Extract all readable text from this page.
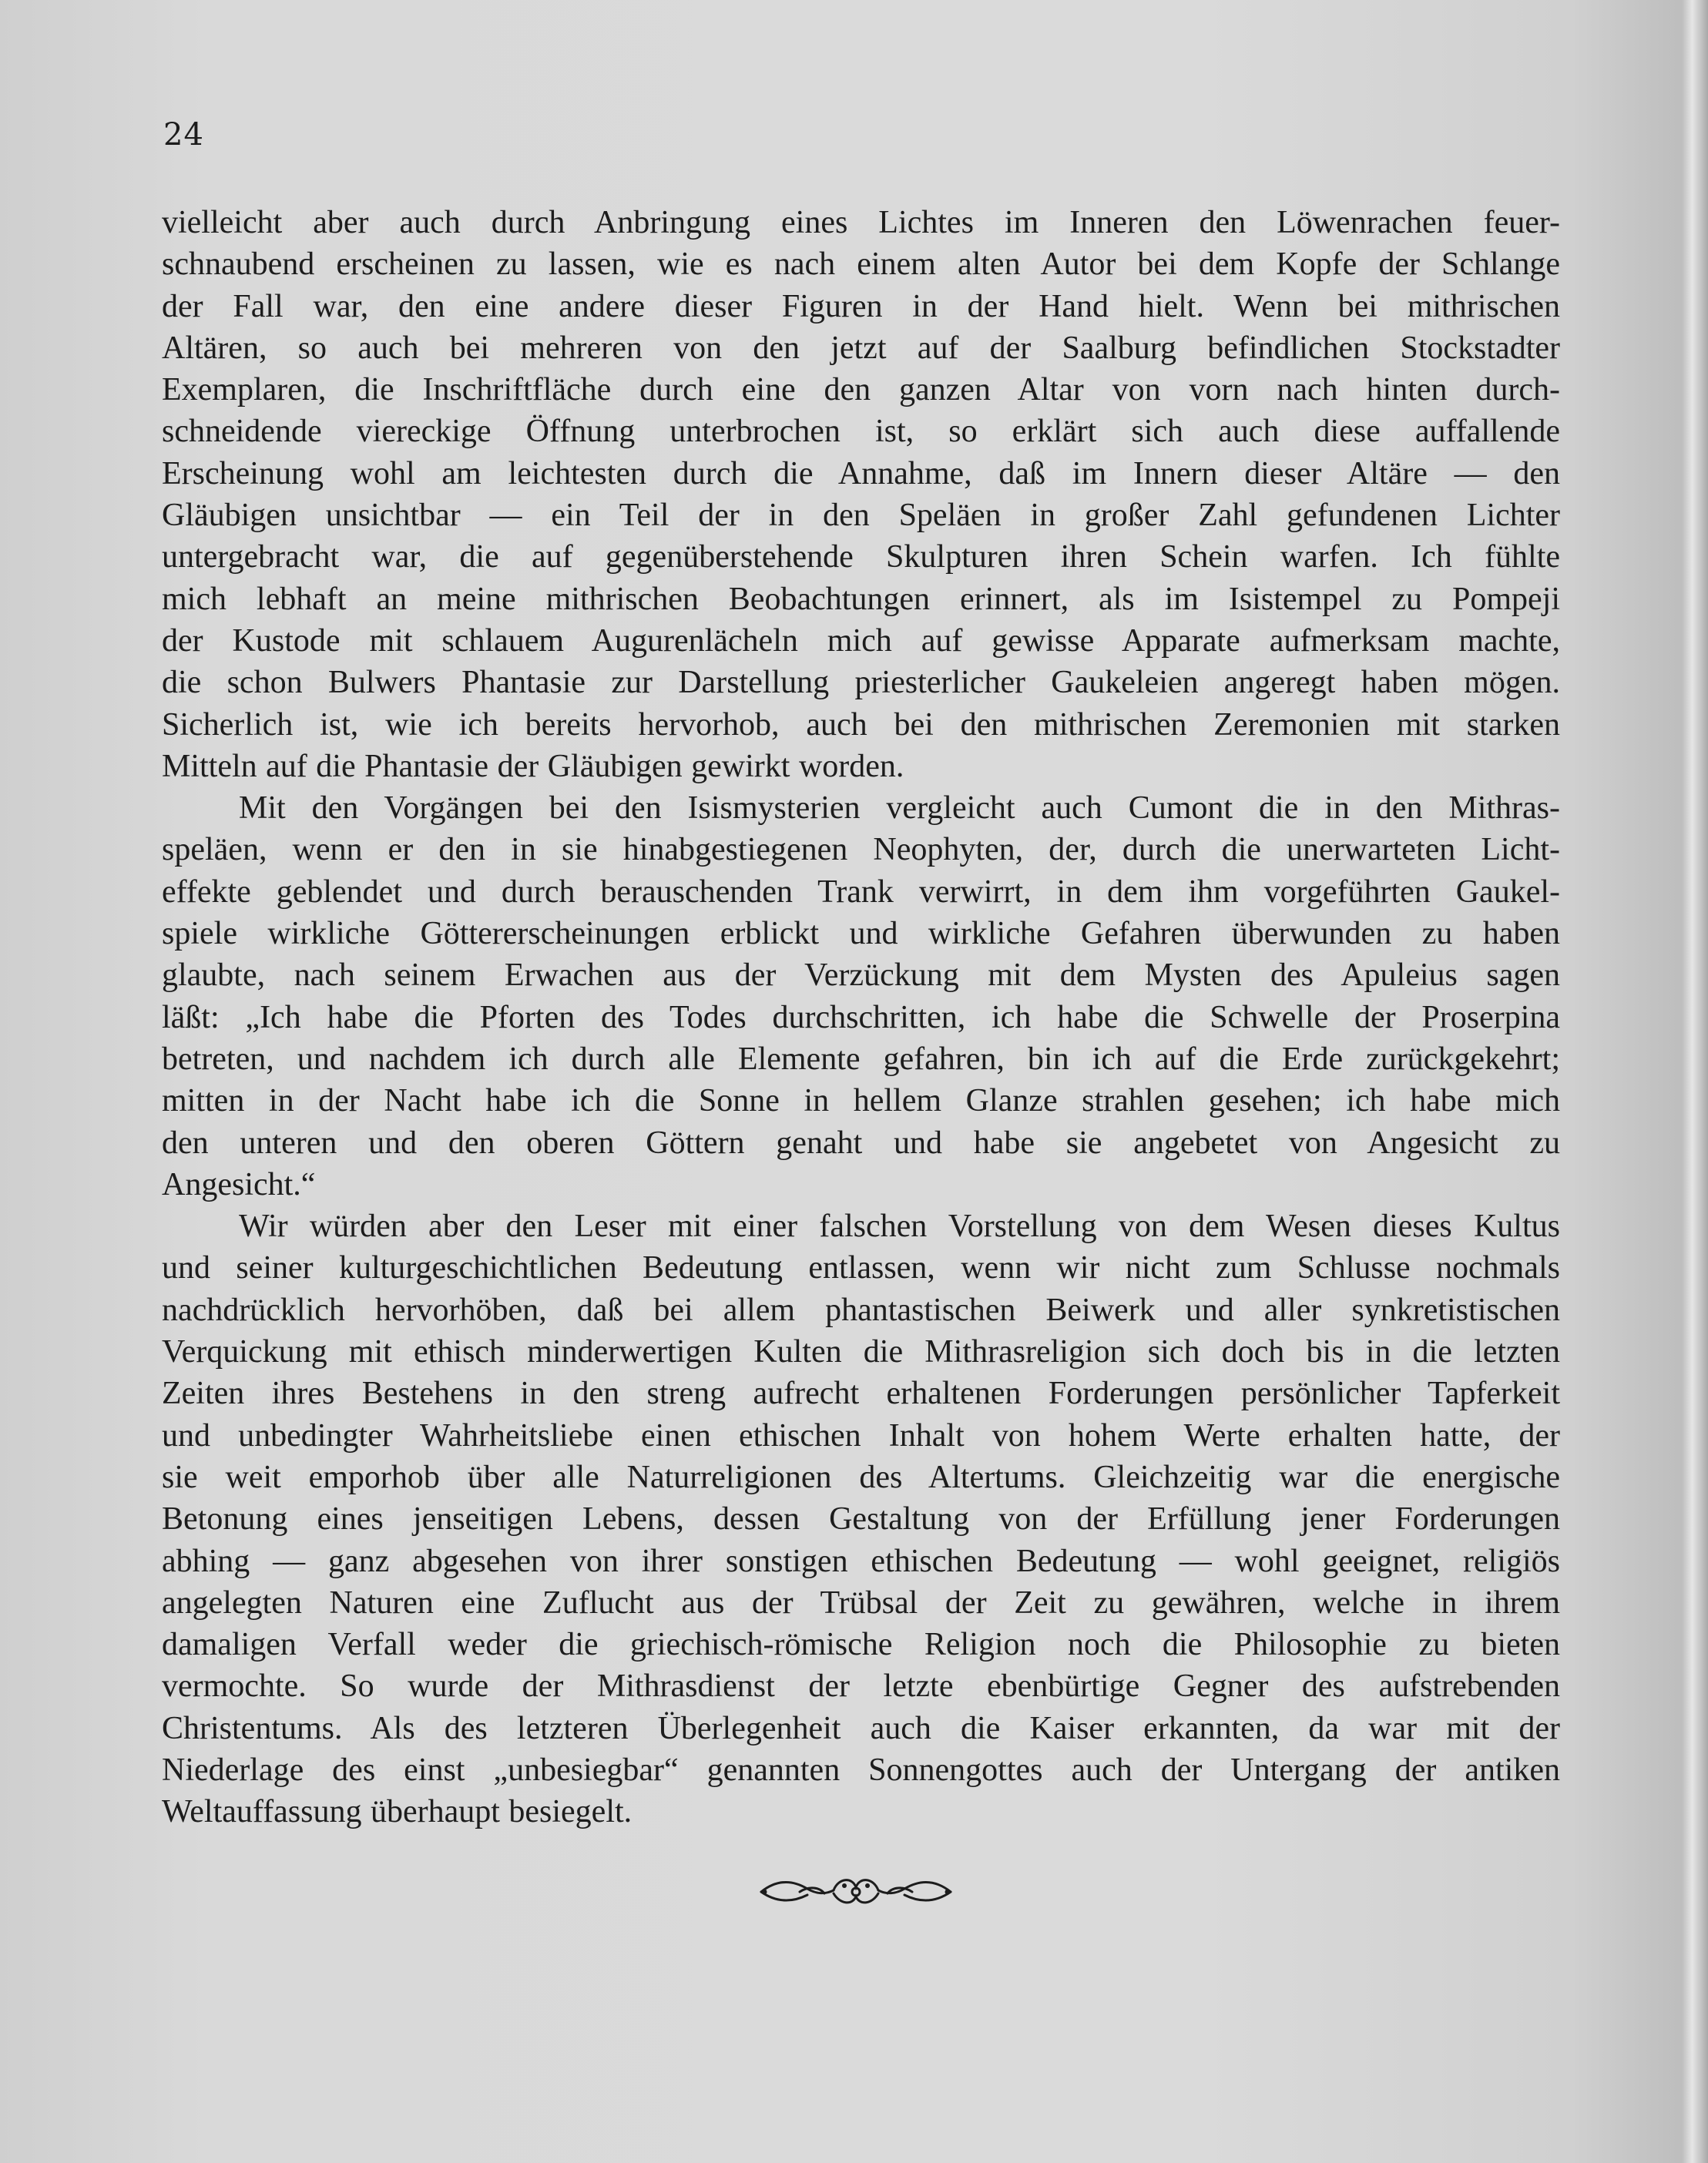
24

vielleicht aber auch durch Anbringung eines Lichtes im Inneren den Löwenrachen feuer-

schnaubend erscheinen zu lassen, wie es nach einem alten Autor bei dem Kopfe der Schlange

der Fall war, den eine andere dieser Figuren in der Hand hielt. Wenn bei mithrischen

Altären, so auch bei mehreren von den jetzt auf der Saalburg befindlichen Stockstadter

Exemplaren, die Inschriftfläche durch eine den ganzen Altar von vorn nach hinten durch-

schneidende viereckige Öffnung unterbrochen ist, so erklärt sich auch diese auffallende

Erscheinung wohl am leichtesten durch die Annahme, daß im Innern dieser Altäre — den

Gläubigen unsichtbar — ein Teil der in den Speläen in großer Zahl gefundenen Lichter

untergebracht war, die auf gegenüberstehende Skulpturen ihren Schein warfen. Ich fühlte

mich lebhaft an meine mithrischen Beobachtungen erinnert, als im Isistempel zu Pompeji

der Kustode mit schlauem Augurenlächeln mich auf gewisse Apparate aufmerksam machte,

die schon Bulwers Phantasie zur Darstellung priesterlicher Gaukeleien angeregt haben mögen.

Sicherlich ist, wie ich bereits hervorhob, auch bei den mithrischen Zeremonien mit starken

Mitteln auf die Phantasie der Gläubigen gewirkt worden.

Mit den Vorgängen bei den Isismysterien vergleicht auch Cumont die in den Mithras-

speläen, wenn er den in sie hinabgestiegenen Neophyten, der, durch die unerwarteten Licht-

effekte geblendet und durch berauschenden Trank verwirrt, in dem ihm vorgeführten Gaukel-

spiele wirkliche Göttererscheinungen erblickt und wirkliche Gefahren überwunden zu haben

glaubte, nach seinem Erwachen aus der Verzückung mit dem Mysten des Apuleius sagen

läßt: „Ich habe die Pforten des Todes durchschritten, ich habe die Schwelle der Proserpina

betreten, und nachdem ich durch alle Elemente gefahren, bin ich auf die Erde zurückgekehrt;

mitten in der Nacht habe ich die Sonne in hellem Glanze strahlen gesehen; ich habe mich

den unteren und den oberen Göttern genaht und habe sie angebetet von Angesicht zu

Angesicht.“

Wir würden aber den Leser mit einer falschen Vorstellung von dem Wesen dieses Kultus

und seiner kulturgeschichtlichen Bedeutung entlassen, wenn wir nicht zum Schlusse nochmals

nachdrücklich hervorhöben, daß bei allem phantastischen Beiwerk und aller synkretistischen

Verquickung mit ethisch minderwertigen Kulten die Mithrasreligion sich doch bis in die letzten

Zeiten ihres Bestehens in den streng aufrecht erhaltenen Forderungen persönlicher Tapferkeit

und unbedingter Wahrheitsliebe einen ethischen Inhalt von hohem Werte erhalten hatte, der

sie weit emporhob über alle Naturreligionen des Altertums. Gleichzeitig war die energische

Betonung eines jenseitigen Lebens, dessen Gestaltung von der Erfüllung jener Forderungen

abhing — ganz abgesehen von ihrer sonstigen ethischen Bedeutung — wohl geeignet, religiös

angelegten Naturen eine Zuflucht aus der Trübsal der Zeit zu gewähren, welche in ihrem

damaligen Verfall weder die griechisch-römische Religion noch die Philosophie zu bieten

vermochte. So wurde der Mithrasdienst der letzte ebenbürtige Gegner des aufstrebenden

Christentums. Als des letzteren Überlegenheit auch die Kaiser erkannten, da war mit der

Niederlage des einst „unbesiegbar“ genannten Sonnengottes auch der Untergang der antiken

Weltauffassung überhaupt besiegelt.
